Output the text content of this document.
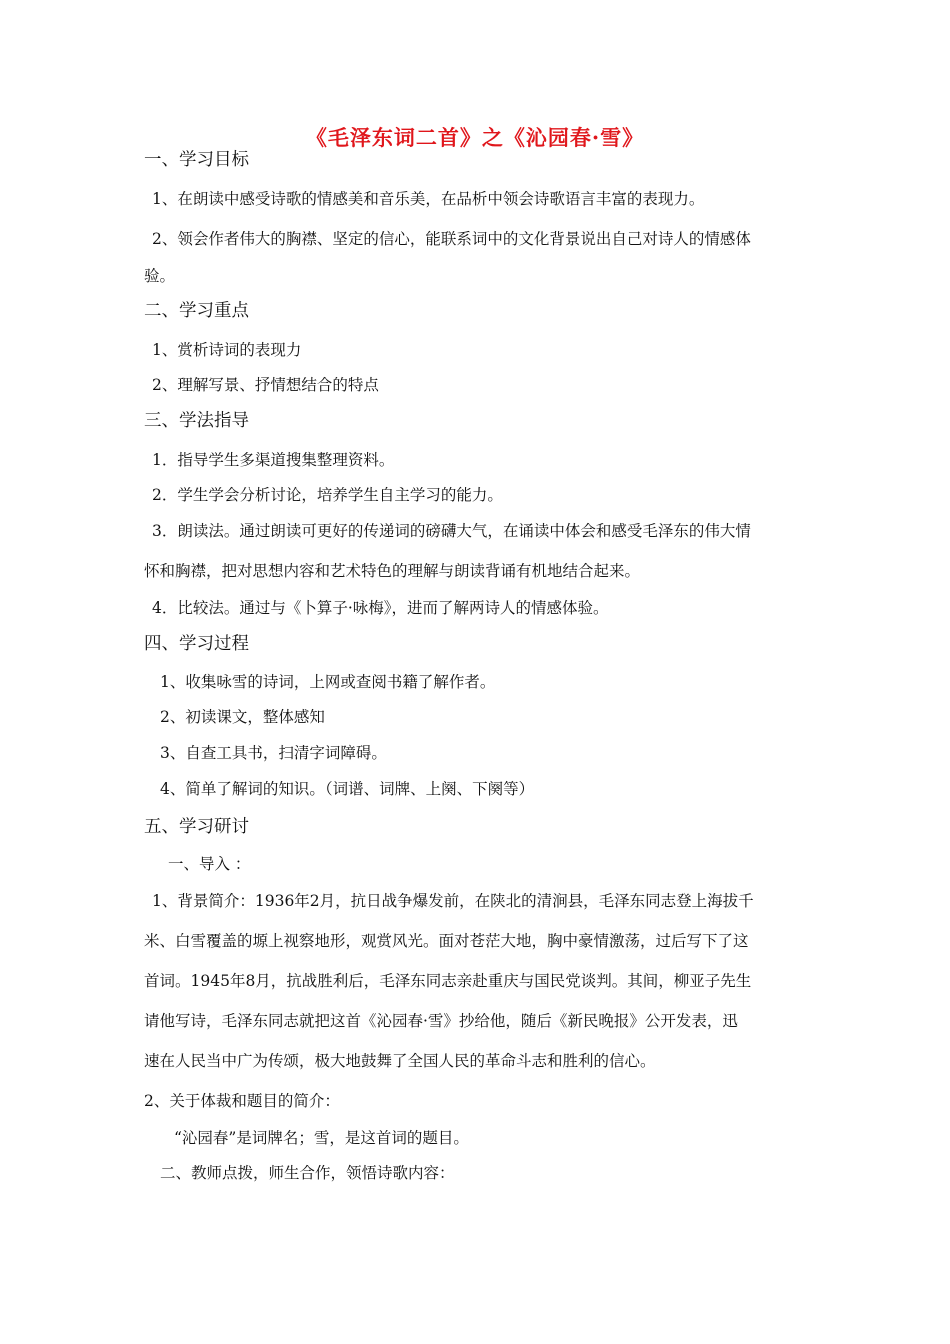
《毛泽东词二首》之《沁园春·雪》
一、学习目标
1、在朗读中感受诗歌的情感美和音乐美，在品析中领会诗歌语言丰富的表现力。
2、领会作者伟大的胸襟、坚定的信心，能联系词中的文化背景说出自己对诗人的情感体
验。
二、学习重点
1、赏析诗词的表现力
2、理解写景、抒情想结合的特点
三、学法指导
1．指导学生多渠道搜集整理资料。
2．学生学会分析讨论，培养学生自主学习的能力。
3．朗读法。通过朗读可更好的传递词的磅礴大气，在诵读中体会和感受毛泽东的伟大情
怀和胸襟，把对思想内容和艺术特色的理解与朗读背诵有机地结合起来。
4．比较法。通过与《卜算子·咏梅》，进而了解两诗人的情感体验。
四、学习过程
1、收集咏雪的诗词，上网或查阅书籍了解作者。
2、初读课文，整体感知
3、自查工具书，扫清字词障碍。
4、简单了解词的知识。（词谱、词牌、上阕、下阕等）
五、学习研讨
一、导入 ：
1、背景简介：1936年2月，抗日战争爆发前，在陕北的清涧县，毛泽东同志登上海拔千
米、白雪覆盖的塬上视察地形，观赏风光。面对苍茫大地，胸中豪情激荡，过后写下了这
首词。1945年8月，抗战胜利后，毛泽东同志亲赴重庆与国民党谈判。其间，柳亚子先生
请他写诗，毛泽东同志就把这首《沁园春·雪》抄给他，随后《新民晚报》公开发表，迅
速在人民当中广为传颂，极大地鼓舞了全国人民的革命斗志和胜利的信心。
2、关于体裁和题目的简介：
“沁园春”是词牌名；雪，是这首词的题目。
二、教师点拨，师生合作，领悟诗歌内容：
